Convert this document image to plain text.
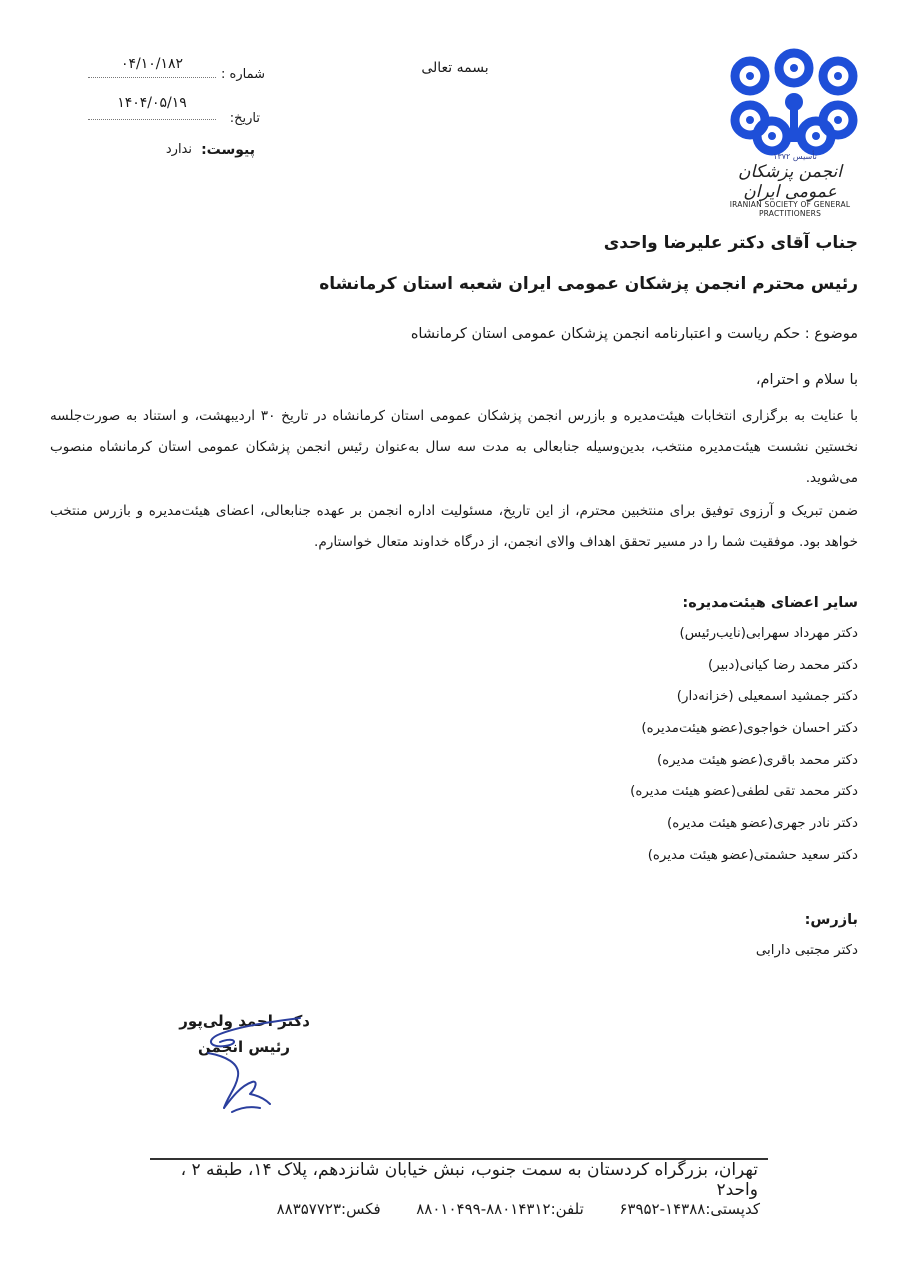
تأسیس ۱۳۷۲
انجمن پزشکان عمومی ایران
IRANIAN SOCIETY OF GENERAL PRACTITIONERS
بسمه تعالی
شماره :
۰۴/۱۰/۱۸۲
تاریخ:
۱۴۰۴/۰۵/۱۹
پیوست:
ندارد
جناب آقای دکتر علیرضا واحدی
رئیس محترم انجمن پزشکان عمومی ایران شعبه استان کرمانشاه
موضوع : حکم ریاست و اعتبارنامه انجمن پزشکان عمومی استان کرمانشاه
با سلام و احترام،
با عنایت به برگزاری انتخابات هیئت‌مدیره و بازرس انجمن پزشکان عمومی استان کرمانشاه در تاریخ ۳۰ اردیبهشت، و استناد به صورت‌جلسه نخستین نشست هیئت‌مدیره منتخب، بدین‌وسیله جنابعالی به مدت سه سال به‌عنوان رئیس انجمن پزشکان عمومی استان کرمانشاه منصوب می‌شوید.
ضمن تبریک و آرزوی توفیق برای منتخبین محترم، از این تاریخ، مسئولیت اداره انجمن بر عهده جنابعالی، اعضای هیئت‌مدیره و بازرس منتخب خواهد بود. موفقیت شما را در مسیر تحقق اهداف والای انجمن، از درگاه خداوند متعال خواستارم.
سایر اعضای هیئت‌مدیره:
دکتر مهرداد سهرابی(نایب‌رئیس)
دکتر محمد رضا کیانی(دبیر)
دکتر جمشید اسمعیلی (خزانه‌دار)
دکتر احسان خواجوی(عضو هیئت‌مدیره)
دکتر محمد باقری(عضو هیئت مدیره)
دکتر محمد تقی لطفی(عضو هیئت مدیره)
دکتر نادر جهری(عضو هیئت مدیره)
دکتر سعید حشمتی(عضو هیئت مدیره)
بازرس:
دکتر مجتبی دارابی
دکتر احمد ولی‌پور
رئیس انجمن
تهران، بزرگراه کردستان به سمت جنوب، نبش خیابان شانزدهم، پلاک ۱۴، طبقه ۲ ، واحد۲
کدپستی:۱۴۳۸۸-۶۳۹۵۲  تلفن:۸۸۰۱۴۳۱۲-۸۸۰۱۰۴۹۹  فکس:۸۸۳۵۷۷۲۳
